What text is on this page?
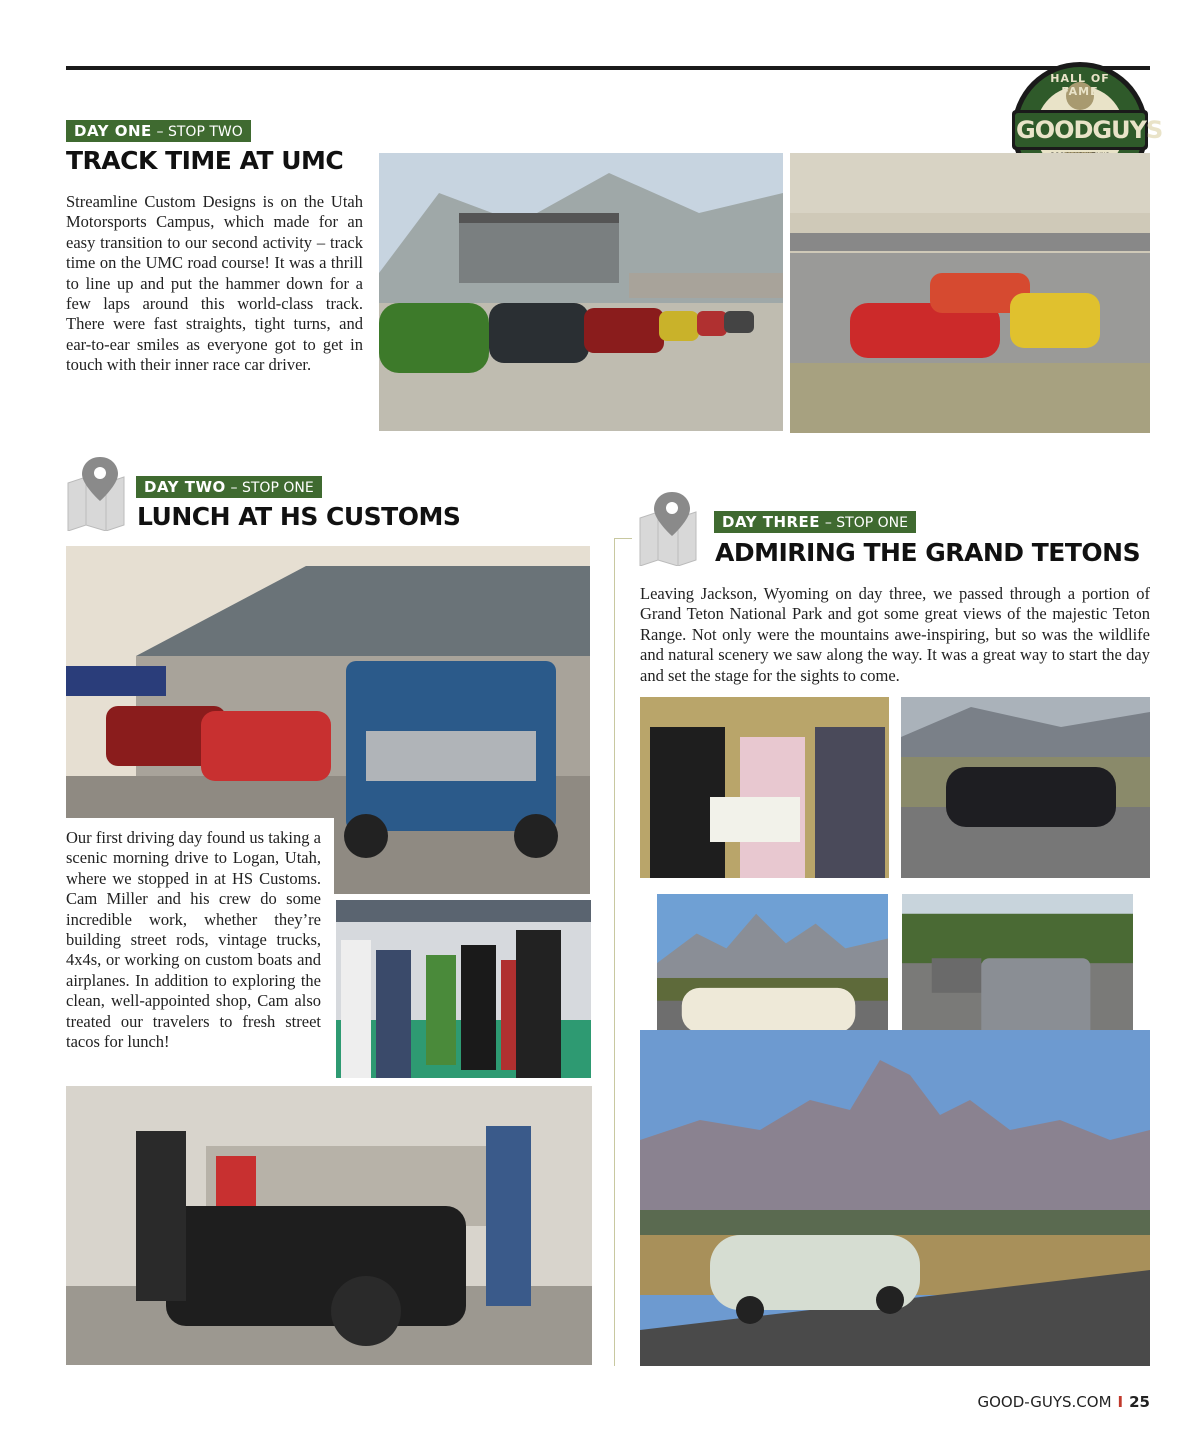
HALL OF FAME
GOODGUYS
DAY ONE – STOP TWO
TRACK TIME AT UMC
Streamline Custom Designs is on the Utah Motorsports Campus, which made for an easy transition to our second activity – track time on the UMC road course! It was a thrill to line up and put the hammer down for a few laps around this world-class track. There were fast straights, tight turns, and ear-to-ear smiles as everyone got to get in touch with their inner race car driver.
DAY TWO – STOP ONE
LUNCH AT HS CUSTOMS
Our first driving day found us taking a scenic morning drive to Logan, Utah, where we stopped in at HS Customs. Cam Miller and his crew do some incredible work, whether they’re building street rods, vintage trucks, 4x4s, or working on custom boats and airplanes. In addition to exploring the clean, well-appointed shop, Cam also treated our travelers to fresh street tacos for lunch!
DAY THREE – STOP ONE
ADMIRING THE GRAND TETONS
Leaving Jackson, Wyoming on day three, we passed through a portion of Grand Teton National Park and got some great views of the majestic Teton Range. Not only were the mountains awe-inspiring, but so was the wildlife and natural scenery we saw along the way. It was a great way to start the day and set the stage for the sights to come.
GOOD-GUYS.COM I 25
